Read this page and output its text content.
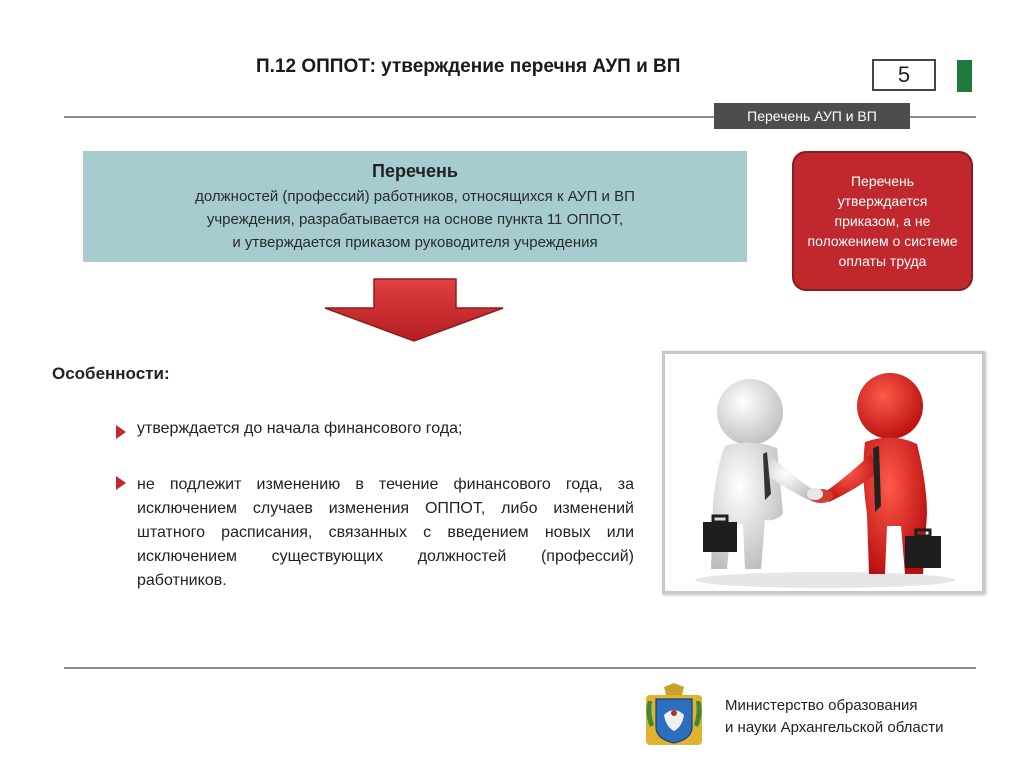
П.12 ОППОТ: утверждение перечня АУП и ВП	5
Перечень АУП и ВП
Перечень
должностей (профессий) работников, относящихся к АУП и ВП
учреждения, разрабатывается на основе пункта 11 ОППОТ,
и утверждается приказом руководителя учреждения
Перечень утверждается приказом, а не положением о системе оплаты труда
Особенности:
утверждается до начала финансового года;
не подлежит изменению в течение финансового года, за исключением случаев изменения ОППОТ, либо изменений штатного расписания, связанных с введением новых или исключением существующих должностей (профессий) работников.
Министерство образования
и науки Архангельской области
